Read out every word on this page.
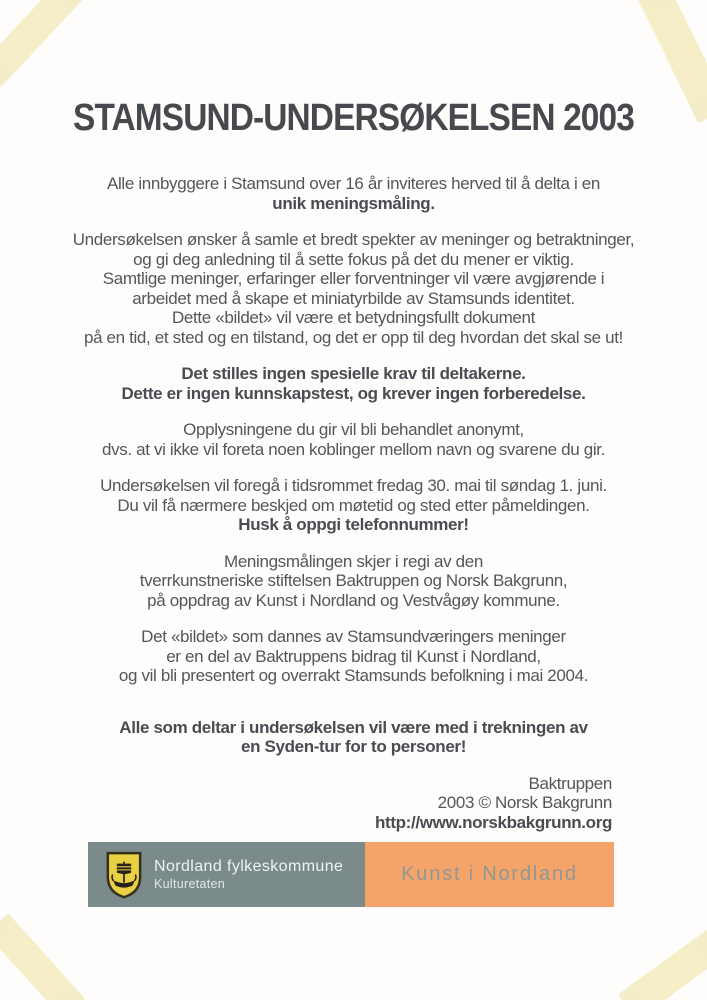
STAMSUND-UNDERSØKELSEN 2003
Alle innbyggere i Stamsund over 16 år inviteres herved til å delta i en
unik meningsmåling.
Undersøkelsen ønsker å samle et bredt spekter av meninger og betraktninger,
og gi deg anledning til å sette fokus på det du mener er viktig.
Samtlige meninger, erfaringer eller forventninger vil være avgjørende i
arbeidet med å skape et miniatyrbilde av Stamsunds identitet.
Dette «bildet» vil være et betydningsfullt dokument
på en tid, et sted og en tilstand, og det er opp til deg hvordan det skal se ut!
Det stilles ingen spesielle krav til deltakerne.
Dette er ingen kunnskapstest, og krever ingen forberedelse.
Opplysningene du gir vil bli behandlet anonymt,
dvs. at vi ikke vil foreta noen koblinger mellom navn og svarene du gir.
Undersøkelsen vil foregå i tidsrommet fredag 30. mai til søndag 1. juni.
Du vil få nærmere beskjed om møtetid og sted etter påmeldingen.
Husk å oppgi telefonnummer!
Meningsmålingen skjer i regi av den
tverrkunstneriske stiftelsen Baktruppen og Norsk Bakgrunn,
på oppdrag av Kunst i Nordland og Vestvågøy kommune.
Det «bildet» som dannes av Stamsundværingers meninger
er en del av Baktruppens bidrag til Kunst i Nordland,
og vil bli presentert og overrakt Stamsunds befolkning i mai 2004.
Alle som deltar i undersøkelsen vil være med i trekningen av
en Syden-tur for to personer!
Baktruppen
2003 © Norsk Bakgrunn
http://www.norskbakgrunn.org
Nordland fylkeskommune
Kulturetaten	Kunst i Nordland
